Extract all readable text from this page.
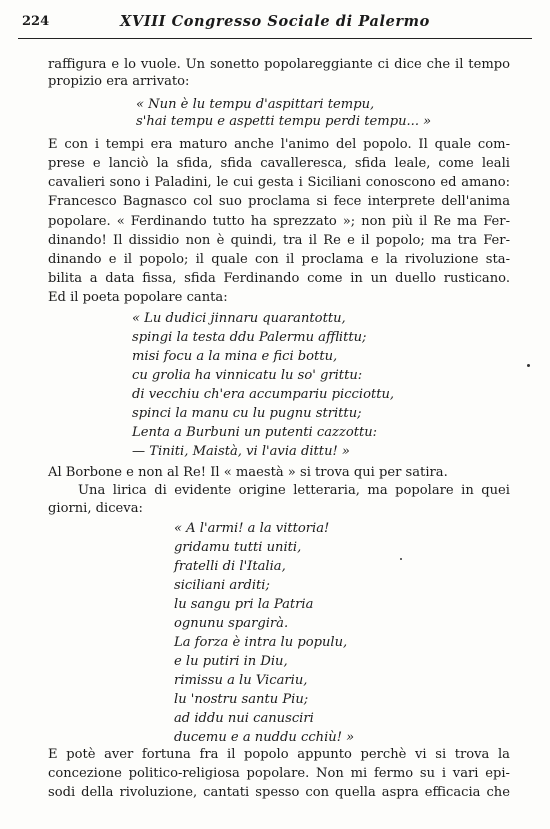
224	XVIII Congresso Sociale di Palermo
raffigura e lo vuole. Un sonetto popolareggiante ci dice che il tempo
propizio era arrivato:
« Nun è lu tempu d'aspittari tempu,
s'hai tempu e aspetti tempu perdi tempu... »
E con i tempi era maturo anche l'animo del popolo. Il quale com-
prese e lanciò la sfida, sfida cavalleresca, sfida leale, come leali
cavalieri sono i Paladini, le cui gesta i Siciliani conoscono ed amano:
Francesco Bagnasco col suo proclama si fece interprete dell'anima
popolare. « Ferdinando tutto ha sprezzato »; non più il Re ma Fer-
dinando! Il dissidio non è quindi, tra il Re e il popolo; ma tra Fer-
dinando e il popolo; il quale con il proclama e la rivoluzione sta-
bilita a data fissa, sfida Ferdinando come in un duello rusticano.
Ed il poeta popolare canta:
« Lu dudici jinnaru quarantottu,
spingi la testa ddu Palermu afflittu;
misi focu a la mina e fici bottu,
cu grolia ha vinnicatu lu so' grittu:
di vecchiu ch'era accumpariu picciottu,
spinci la manu cu lu pugnu strittu;
Lenta a Burbuni un putenti cazzottu:
— Tiniti, Maistà, vi l'avia dittu! »
Al Borbone e non al Re! Il « maestà » si trova qui per satira.
Una lirica di evidente origine letteraria, ma popolare in quei
giorni, diceva:
« A l'armi! a la vittoria!
gridamu tutti uniti,
fratelli di l'Italia,
siciliani arditi;
lu sangu pri la Patria
ognunu spargirà.
La forza è intra lu populu,
e lu putiri in Diu,
rimissu a lu Vicariu,
lu 'nostru santu Piu;
ad iddu nui canusciri
ducemu e a nuddu cchiù! »
E potè aver fortuna fra il popolo appunto perchè vi si trova la
concezione politico-religiosa popolare. Non mi fermo su i vari epi-
sodi della rivoluzione, cantati spesso con quella aspra efficacia che
